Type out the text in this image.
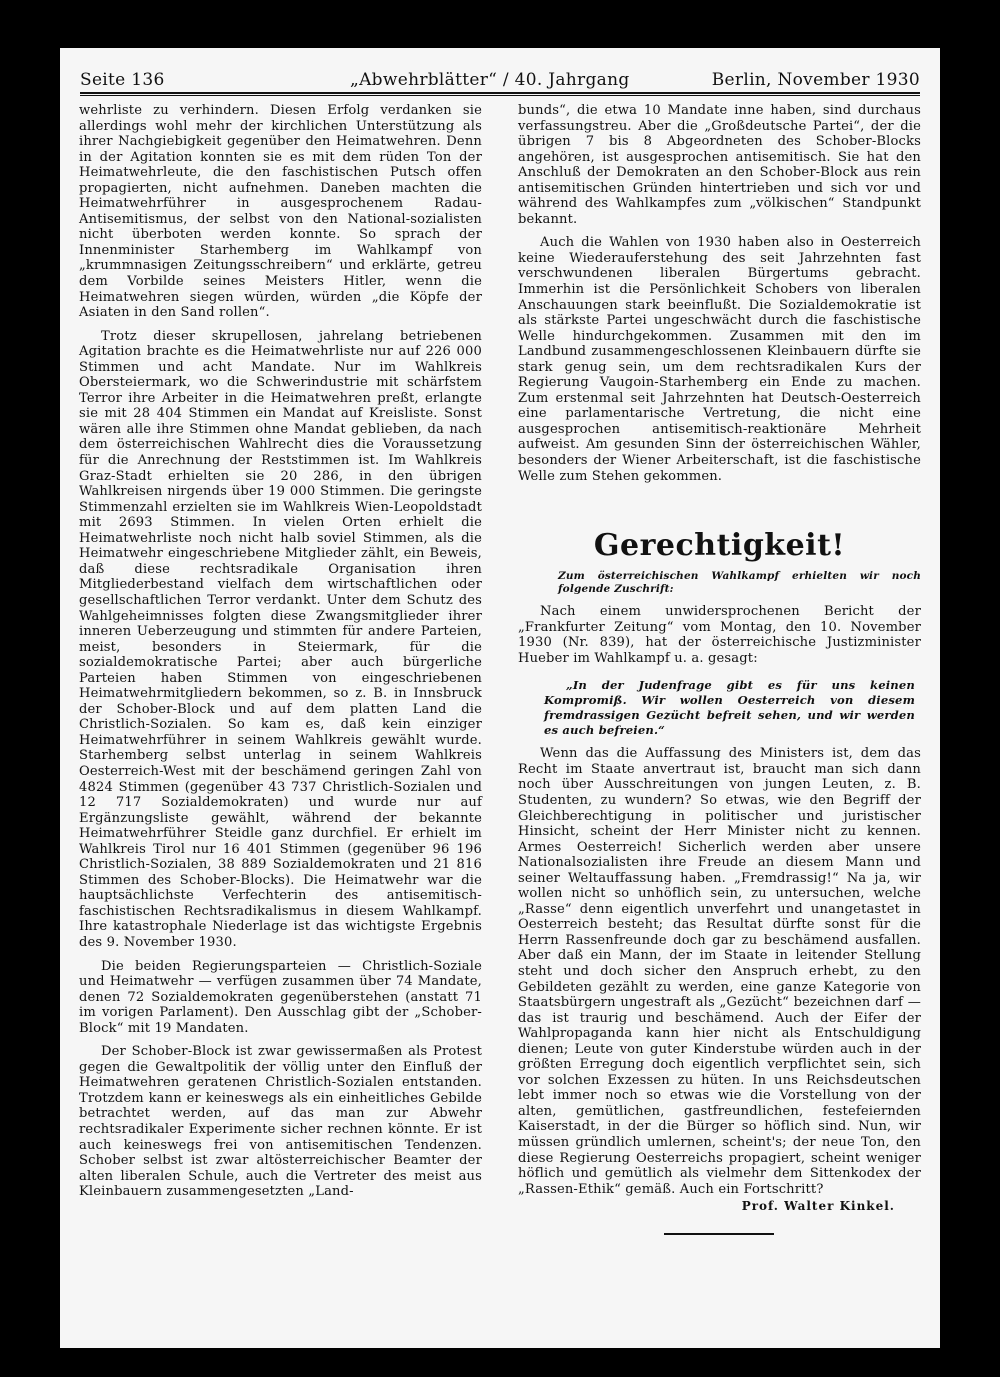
Seite 136	„Abwehrblätter“ / 40. Jahrgang	Berlin, November 1930

wehrliste zu verhindern. Diesen Erfolg verdanken sie allerdings wohl mehr der kirchlichen Unterstützung als ihrer Nachgiebigkeit gegenüber den Heimatwehren. Denn in der Agitation konnten sie es mit dem rüden Ton der Heimatwehrleute, die den faschistischen Putsch offen propagierten, nicht aufnehmen. Daneben machten die Heimatwehrführer in ausgesprochenem Radau-Antisemitismus, der selbst von den National-sozialisten nicht überboten werden konnte. So sprach der Innenminister Starhemberg im Wahlkampf von „krummnasigen Zeitungsschreibern“ und erklärte, getreu dem Vorbilde seines Meisters Hitler, wenn die Heimatwehren siegen würden, würden „die Köpfe der Asiaten in den Sand rollen“.

Trotz dieser skrupellosen, jahrelang betriebenen Agitation brachte es die Heimatwehrliste nur auf 226 000 Stimmen und acht Mandate. Nur im Wahlkreis Obersteiermark, wo die Schwerindustrie mit schärfstem Terror ihre Arbeiter in die Heimatwehren preßt, erlangte sie mit 28 404 Stimmen ein Mandat auf Kreisliste. Sonst wären alle ihre Stimmen ohne Mandat geblieben, da nach dem österreichischen Wahlrecht dies die Voraussetzung für die Anrechnung der Reststimmen ist. Im Wahlkreis Graz-Stadt erhielten sie 20 286, in den übrigen Wahlkreisen nirgends über 19 000 Stimmen. Die geringste Stimmenzahl erzielten sie im Wahlkreis Wien-Leopoldstadt mit 2693 Stimmen. In vielen Orten erhielt die Heimatwehrliste noch nicht halb soviel Stimmen, als die Heimatwehr eingeschriebene Mitglieder zählt, ein Beweis, daß diese rechtsradikale Organisation ihren Mitgliederbestand vielfach dem wirtschaftlichen oder gesellschaftlichen Terror verdankt. Unter dem Schutz des Wahlgeheimnisses folgten diese Zwangsmitglieder ihrer inneren Ueberzeugung und stimmten für andere Parteien, meist, besonders in Steiermark, für die sozialdemokratische Partei; aber auch bürgerliche Parteien haben Stimmen von eingeschriebenen Heimatwehrmitgliedern bekommen, so z. B. in Innsbruck der Schober-Block und auf dem platten Land die Christlich-Sozialen. So kam es, daß kein einziger Heimatwehrführer in seinem Wahlkreis gewählt wurde. Starhemberg selbst unterlag in seinem Wahlkreis Oesterreich-West mit der beschämend geringen Zahl von 4824 Stimmen (gegenüber 43 737 Christlich-Sozialen und 12 717 Sozialdemokraten) und wurde nur auf Ergänzungsliste gewählt, während der bekannte Heimatwehrführer Steidle ganz durchfiel. Er erhielt im Wahlkreis Tirol nur 16 401 Stimmen (gegenüber 96 196 Christlich-Sozialen, 38 889 Sozialdemokraten und 21 816 Stimmen des Schober-Blocks). Die Heimatwehr war die hauptsächlichste Verfechterin des antisemitisch-faschistischen Rechtsradikalismus in diesem Wahlkampf. Ihre katastrophale Niederlage ist das wichtigste Ergebnis des 9. November 1930.

Die beiden Regierungsparteien — Christlich-Soziale und Heimatwehr — verfügen zusammen über 74 Mandate, denen 72 Sozialdemokraten gegenüberstehen (anstatt 71 im vorigen Parlament). Den Ausschlag gibt der „Schober-Block“ mit 19 Mandaten.

Der Schober-Block ist zwar gewissermaßen als Protest gegen die Gewaltpolitik der völlig unter den Einfluß der Heimatwehren geratenen Christlich-Sozialen entstanden. Trotzdem kann er keineswegs als ein einheitliches Gebilde betrachtet werden, auf das man zur Abwehr rechtsradikaler Experimente sicher rechnen könnte. Er ist auch keineswegs frei von antisemitischen Tendenzen. Schober selbst ist zwar altösterreichischer Beamter der alten liberalen Schule, auch die Vertreter des meist aus Kleinbauern zusammengesetzten „Land-

bunds“, die etwa 10 Mandate inne haben, sind durchaus verfassungstreu. Aber die „Großdeutsche Partei“, der die übrigen 7 bis 8 Abgeordneten des Schober-Blocks angehören, ist ausgesprochen antisemitisch. Sie hat den Anschluß der Demokraten an den Schober-Block aus rein antisemitischen Gründen hintertrieben und sich vor und während des Wahlkampfes zum „völkischen“ Standpunkt bekannt.

Auch die Wahlen von 1930 haben also in Oesterreich keine Wiederauferstehung des seit Jahrzehnten fast verschwundenen liberalen Bürgertums gebracht. Immerhin ist die Persönlichkeit Schobers von liberalen Anschauungen stark beeinflußt. Die Sozialdemokratie ist als stärkste Partei ungeschwächt durch die faschistische Welle hindurchgekommen. Zusammen mit den im Landbund zusammengeschlossenen Kleinbauern dürfte sie stark genug sein, um dem rechtsradikalen Kurs der Regierung Vaugoin-Starhemberg ein Ende zu machen. Zum erstenmal seit Jahrzehnten hat Deutsch-Oesterreich eine parlamentarische Vertretung, die nicht eine ausgesprochen antisemitisch-reaktionäre Mehrheit aufweist. Am gesunden Sinn der österreichischen Wähler, besonders der Wiener Arbeiterschaft, ist die faschistische Welle zum Stehen gekommen.

Gerechtigkeit!

Zum österreichischen Wahlkampf erhielten wir noch folgende Zuschrift:

Nach einem unwidersprochenen Bericht der „Frankfurter Zeitung“ vom Montag, den 10. November 1930 (Nr. 839), hat der österreichische Justizminister Hueber im Wahlkampf u. a. gesagt:

„In der Judenfrage gibt es für uns keinen Kompromiß. Wir wollen Oesterreich von diesem fremdrassigen Gezücht befreit sehen, und wir werden es auch befreien.“

Wenn das die Auffassung des Ministers ist, dem das Recht im Staate anvertraut ist, braucht man sich dann noch über Ausschreitungen von jungen Leuten, z. B. Studenten, zu wundern? So etwas, wie den Begriff der Gleichberechtigung in politischer und juristischer Hinsicht, scheint der Herr Minister nicht zu kennen. Armes Oesterreich! Sicherlich werden aber unsere Nationalsozialisten ihre Freude an diesem Mann und seiner Weltauffassung haben. „Fremdrassig!“ Na ja, wir wollen nicht so unhöflich sein, zu untersuchen, welche „Rasse“ denn eigentlich unverfehrt und unangetastet in Oesterreich besteht; das Resultat dürfte sonst für die Herrn Rassenfreunde doch gar zu beschämend ausfallen. Aber daß ein Mann, der im Staate in leitender Stellung steht und doch sicher den Anspruch erhebt, zu den Gebildeten gezählt zu werden, eine ganze Kategorie von Staatsbürgern ungestraft als „Gezücht“ bezeichnen darf — das ist traurig und beschämend. Auch der Eifer der Wahlpropaganda kann hier nicht als Entschuldigung dienen; Leute von guter Kinderstube würden auch in der größten Erregung doch eigentlich verpflichtet sein, sich vor solchen Exzessen zu hüten. In uns Reichsdeutschen lebt immer noch so etwas wie die Vorstellung von der alten, gemütlichen, gastfreundlichen, festefeiernden Kaiserstadt, in der die Bürger so höflich sind. Nun, wir müssen gründlich umlernen, scheint's; der neue Ton, den diese Regierung Oesterreichs propagiert, scheint weniger höflich und gemütlich als vielmehr dem Sittenkodex der „Rassen-Ethik“ gemäß. Auch ein Fortschritt?

Prof. Walter Kinkel.
